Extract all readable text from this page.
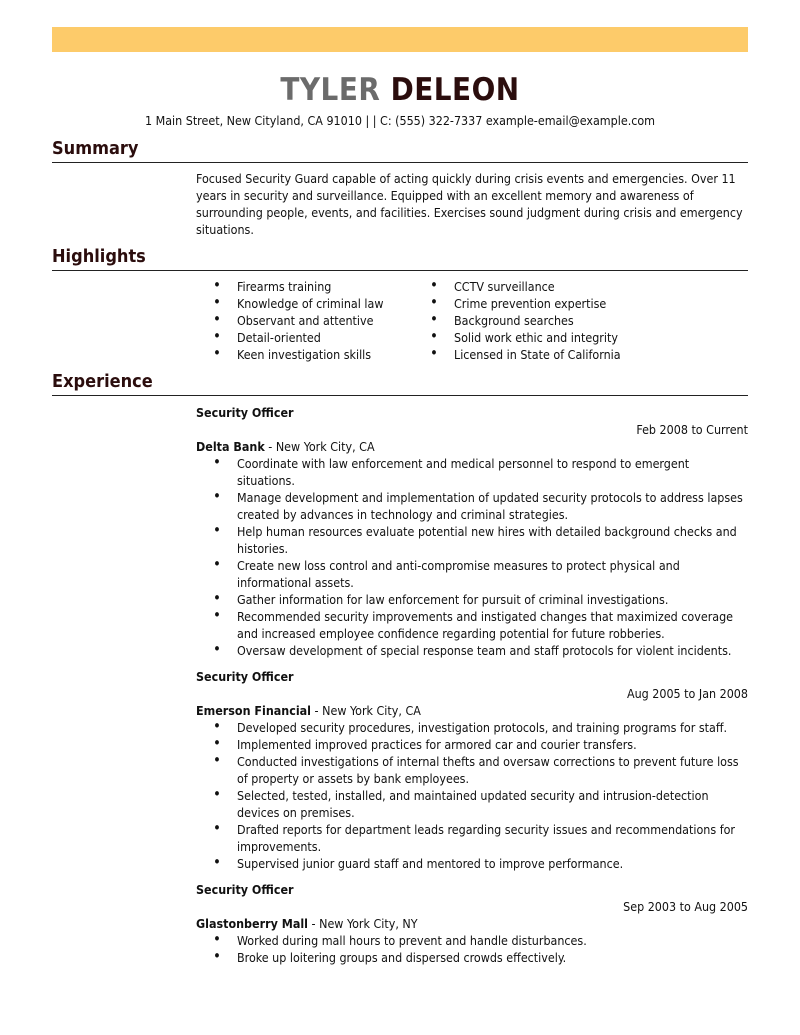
TYLER DELEON
1 Main Street, New Cityland, CA 91010 | | C: (555) 322-7337 example-email@example.com
Summary
Focused Security Guard capable of acting quickly during crisis events and emergencies. Over 11 years in security and surveillance. Equipped with an excellent memory and awareness of surrounding people, events, and facilities. Exercises sound judgment during crisis and emergency situations.
Highlights
• Firearms training
• Knowledge of criminal law
• Observant and attentive
• Detail-oriented
• Keen investigation skills
• CCTV surveillance
• Crime prevention expertise
• Background searches
• Solid work ethic and integrity
• Licensed in State of California
Experience
Security Officer
Feb 2008 to Current
Delta Bank - New York City, CA
• Coordinate with law enforcement and medical personnel to respond to emergent situations.
• Manage development and implementation of updated security protocols to address lapses created by advances in technology and criminal strategies.
• Help human resources evaluate potential new hires with detailed background checks and histories.
• Create new loss control and anti-compromise measures to protect physical and informational assets.
• Gather information for law enforcement for pursuit of criminal investigations.
• Recommended security improvements and instigated changes that maximized coverage and increased employee confidence regarding potential for future robberies.
• Oversaw development of special response team and staff protocols for violent incidents.
Security Officer
Aug 2005 to Jan 2008
Emerson Financial - New York City, CA
• Developed security procedures, investigation protocols, and training programs for staff.
• Implemented improved practices for armored car and courier transfers.
• Conducted investigations of internal thefts and oversaw corrections to prevent future loss of property or assets by bank employees.
• Selected, tested, installed, and maintained updated security and intrusion-detection devices on premises.
• Drafted reports for department leads regarding security issues and recommendations for improvements.
• Supervised junior guard staff and mentored to improve performance.
Security Officer
Sep 2003 to Aug 2005
Glastonberry Mall - New York City, NY
• Worked during mall hours to prevent and handle disturbances.
• Broke up loitering groups and dispersed crowds effectively.
